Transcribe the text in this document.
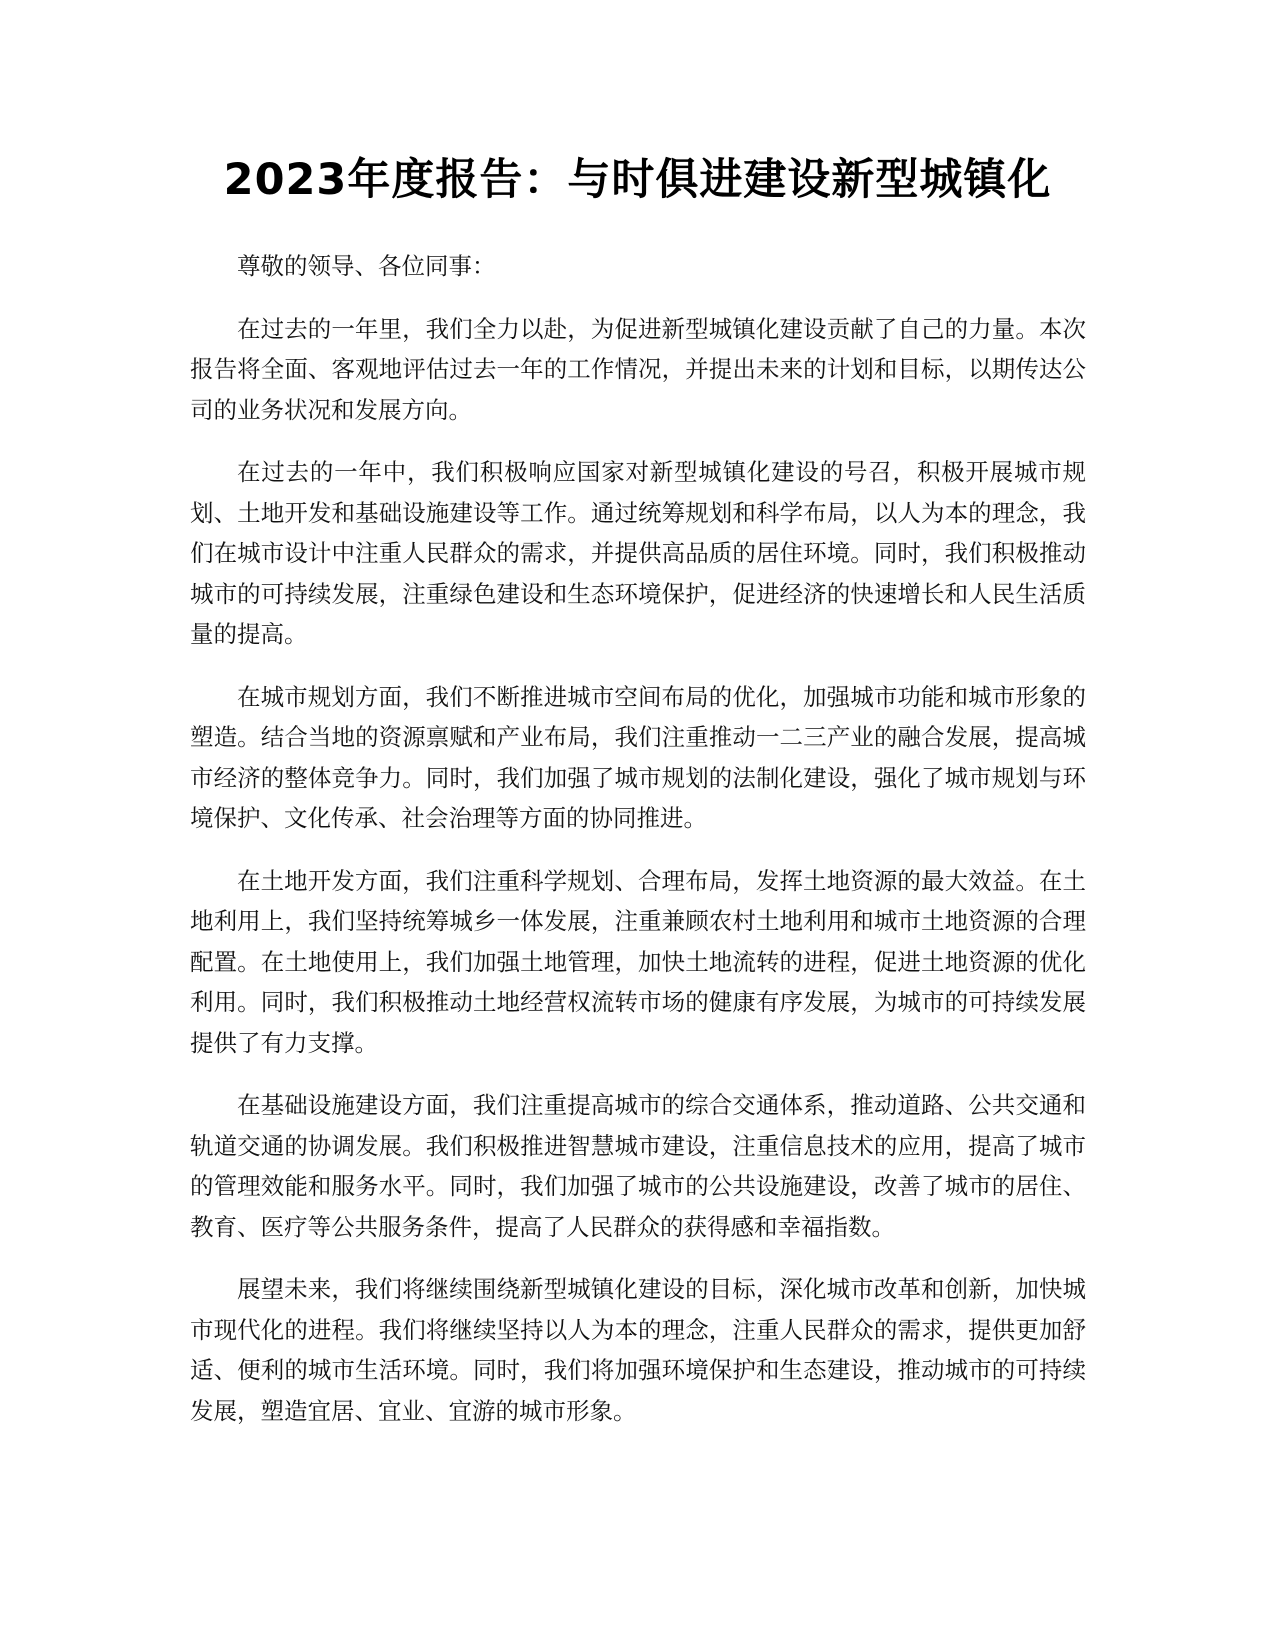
2023年度报告：与时俱进建设新型城镇化

尊敬的领导、各位同事：

在过去的一年里，我们全力以赴，为促进新型城镇化建设贡献了自己的力量。本次报告将全面、客观地评估过去一年的工作情况，并提出未来的计划和目标，以期传达公司的业务状况和发展方向。

在过去的一年中，我们积极响应国家对新型城镇化建设的号召，积极开展城市规划、土地开发和基础设施建设等工作。通过统筹规划和科学布局，以人为本的理念，我们在城市设计中注重人民群众的需求，并提供高品质的居住环境。同时，我们积极推动城市的可持续发展，注重绿色建设和生态环境保护，促进经济的快速增长和人民生活质量的提高。

在城市规划方面，我们不断推进城市空间布局的优化，加强城市功能和城市形象的塑造。结合当地的资源禀赋和产业布局，我们注重推动一二三产业的融合发展，提高城市经济的整体竞争力。同时，我们加强了城市规划的法制化建设，强化了城市规划与环境保护、文化传承、社会治理等方面的协同推进。

在土地开发方面，我们注重科学规划、合理布局，发挥土地资源的最大效益。在土地利用上，我们坚持统筹城乡一体发展，注重兼顾农村土地利用和城市土地资源的合理配置。在土地使用上，我们加强土地管理，加快土地流转的进程，促进土地资源的优化利用。同时，我们积极推动土地经营权流转市场的健康有序发展，为城市的可持续发展提供了有力支撑。

在基础设施建设方面，我们注重提高城市的综合交通体系，推动道路、公共交通和轨道交通的协调发展。我们积极推进智慧城市建设，注重信息技术的应用，提高了城市的管理效能和服务水平。同时，我们加强了城市的公共设施建设，改善了城市的居住、教育、医疗等公共服务条件，提高了人民群众的获得感和幸福指数。

展望未来，我们将继续围绕新型城镇化建设的目标，深化城市改革和创新，加快城市现代化的进程。我们将继续坚持以人为本的理念，注重人民群众的需求，提供更加舒适、便利的城市生活环境。同时，我们将加强环境保护和生态建设，推动城市的可持续发展，塑造宜居、宜业、宜游的城市形象。
